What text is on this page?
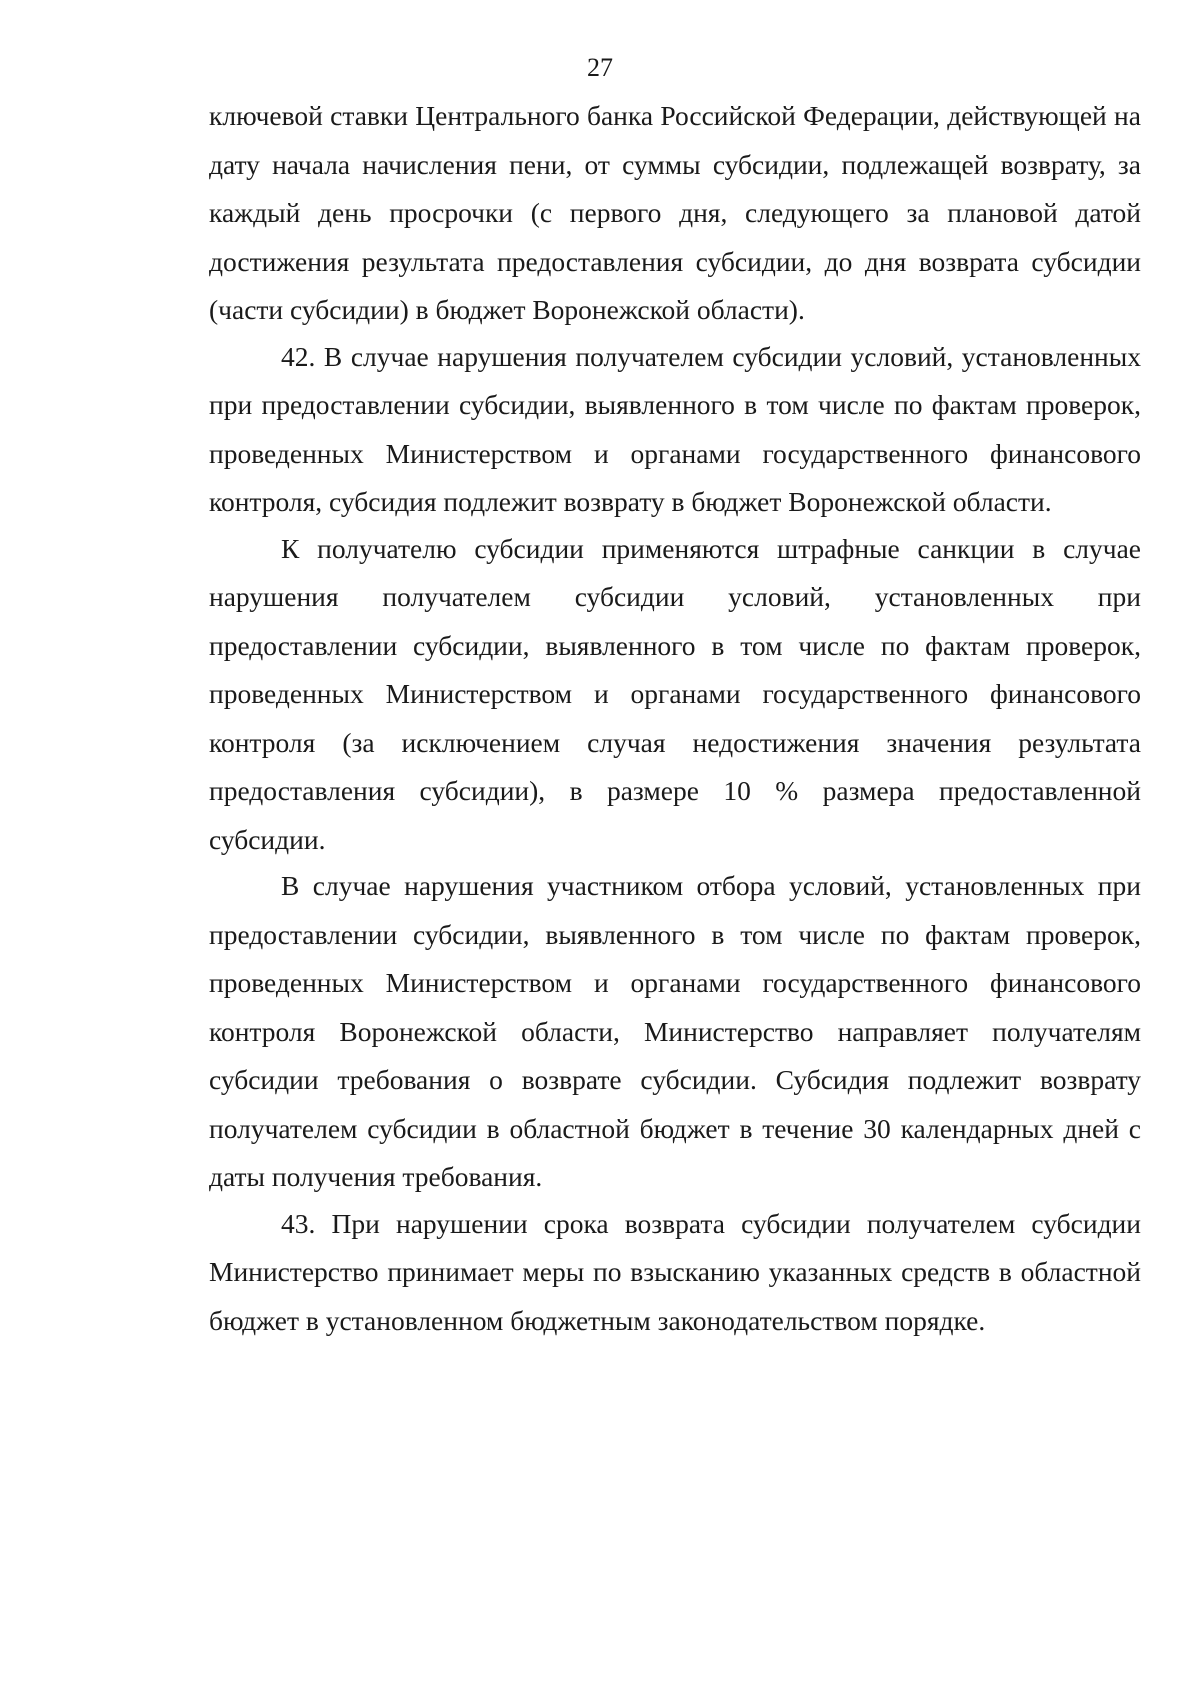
27

ключевой ставки Центрального банка Российской Федерации, действующей на дату начала начисления пени, от суммы субсидии, подлежащей возврату, за каждый день просрочки (с первого дня, следующего за плановой датой достижения результата предоставления субсидии, до дня возврата субсидии (части субсидии) в бюджет Воронежской области).

42. В случае нарушения получателем субсидии условий, установленных при предоставлении субсидии, выявленного в том числе по фактам проверок, проведенных Министерством и органами государственного финансового контроля, субсидия подлежит возврату в бюджет Воронежской области.

К получателю субсидии применяются штрафные санкции в случае нарушения получателем субсидии условий, установленных при предоставлении субсидии, выявленного в том числе по фактам проверок, проведенных Министерством и органами государственного финансового контроля (за исключением случая недостижения значения результата предоставления субсидии), в размере 10 % размера предоставленной субсидии.

В случае нарушения участником отбора условий, установленных при предоставлении субсидии, выявленного в том числе по фактам проверок, проведенных Министерством и органами государственного финансового контроля Воронежской области, Министерство направляет получателям субсидии требования о возврате субсидии. Субсидия подлежит возврату получателем субсидии в областной бюджет в течение 30 календарных дней с даты получения требования.

43. При нарушении срока возврата субсидии получателем субсидии Министерство принимает меры по взысканию указанных средств в областной бюджет в установленном бюджетным законодательством порядке.
